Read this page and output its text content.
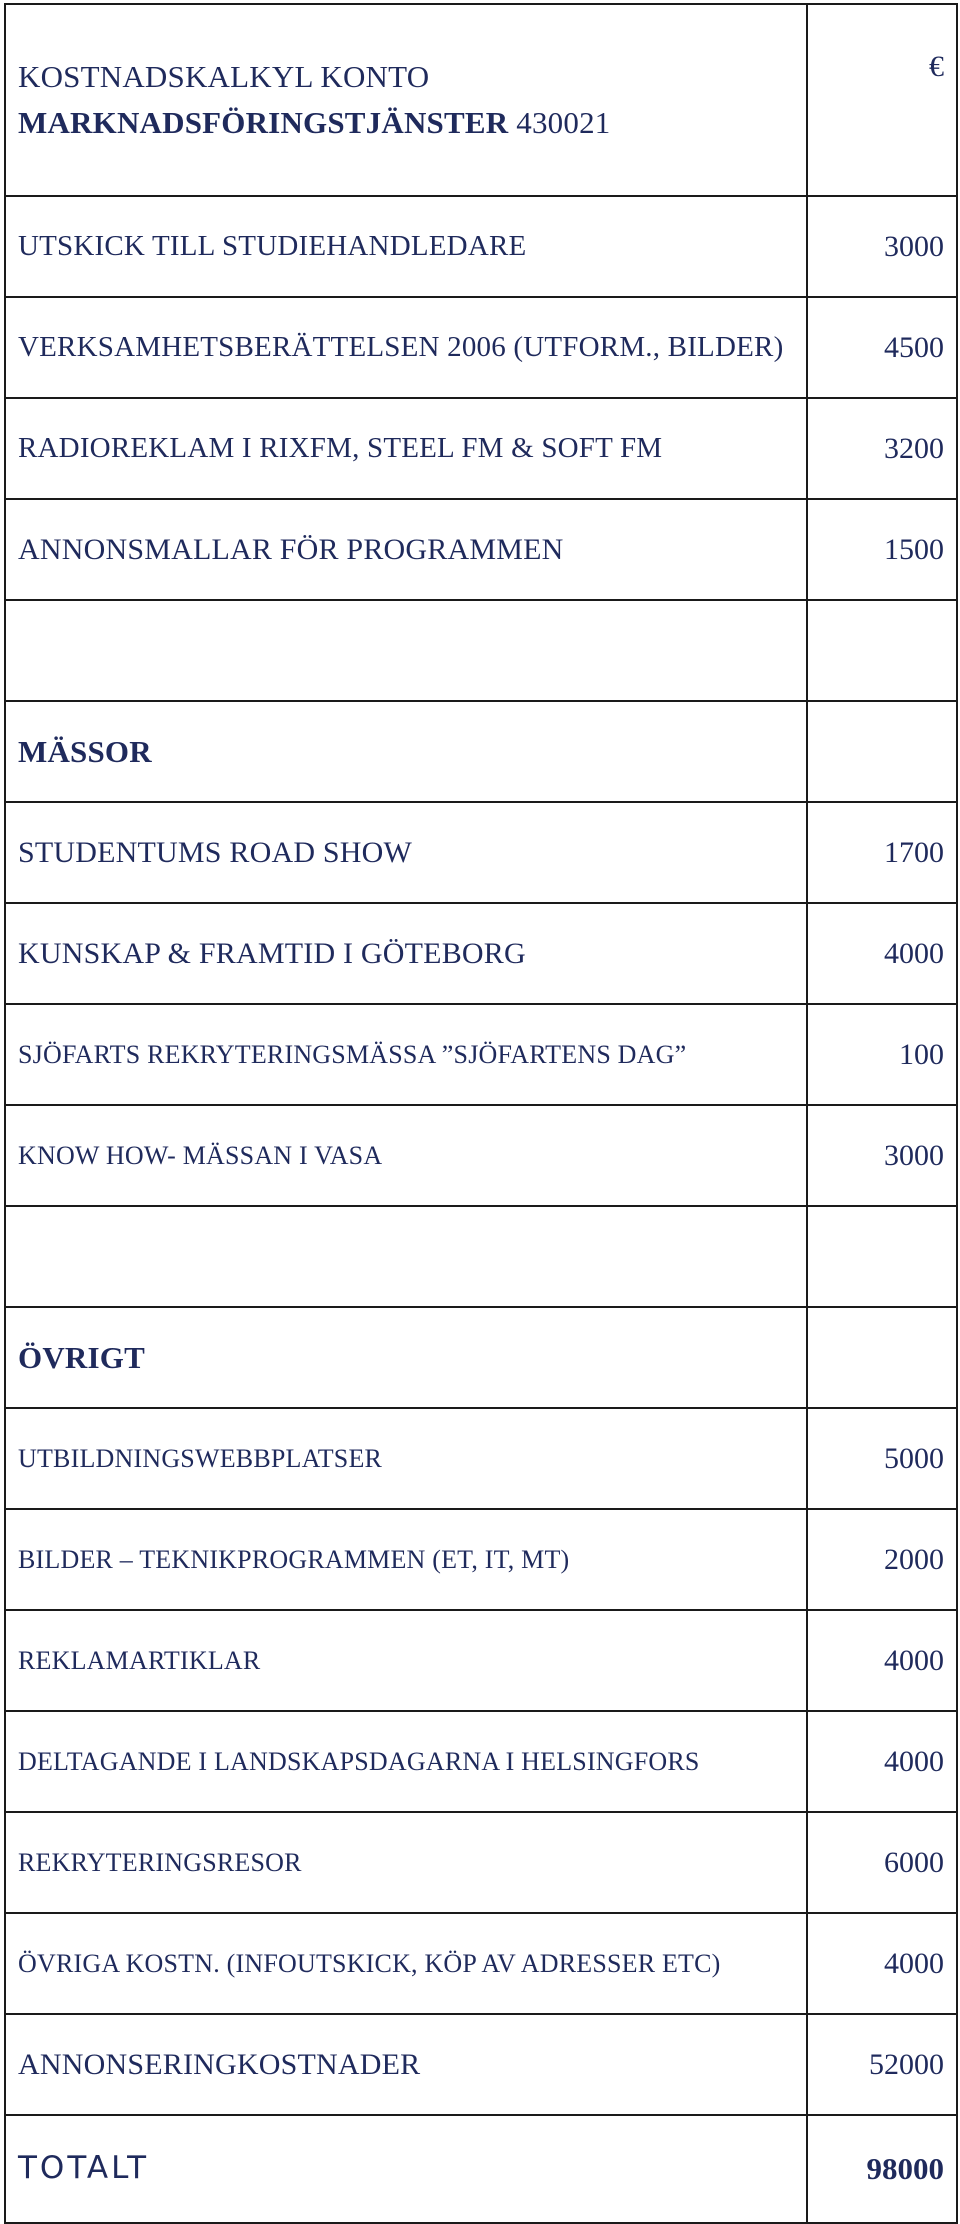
KOSTNADSKALKYL KONTO
MARKNADSFÖRINGSTJÄNSTER 430021	€
UTSKICK TILL STUDIEHANDLEDARE	3000
VERKSAMHETSBERÄTTELSEN 2006 (UTFORM., BILDER)	4500
RADIOREKLAM I RIXFM, STEEL FM & SOFT FM	3200
ANNONSMALLAR FÖR PROGRAMMEN	1500

MÄSSOR	
STUDENTUMS ROAD SHOW	1700
KUNSKAP & FRAMTID I GÖTEBORG	4000
SJÖFARTS REKRYTERINGSMÄSSA ”SJÖFARTENS DAG”	100
KNOW HOW- MÄSSAN I VASA	3000

ÖVRIGT	
UTBILDNINGSWEBBPLATSER	5000
BILDER – TEKNIKPROGRAMMEN (ET, IT, MT)	2000
REKLAMARTIKLAR	4000
DELTAGANDE I LANDSKAPSDAGARNA I HELSINGFORS	4000
REKRYTERINGSRESOR	6000
ÖVRIGA KOSTN. (INFOUTSKICK, KÖP AV ADRESSER ETC)	4000
ANNONSERINGKOSTNADER	52000
TOTALT	98000
